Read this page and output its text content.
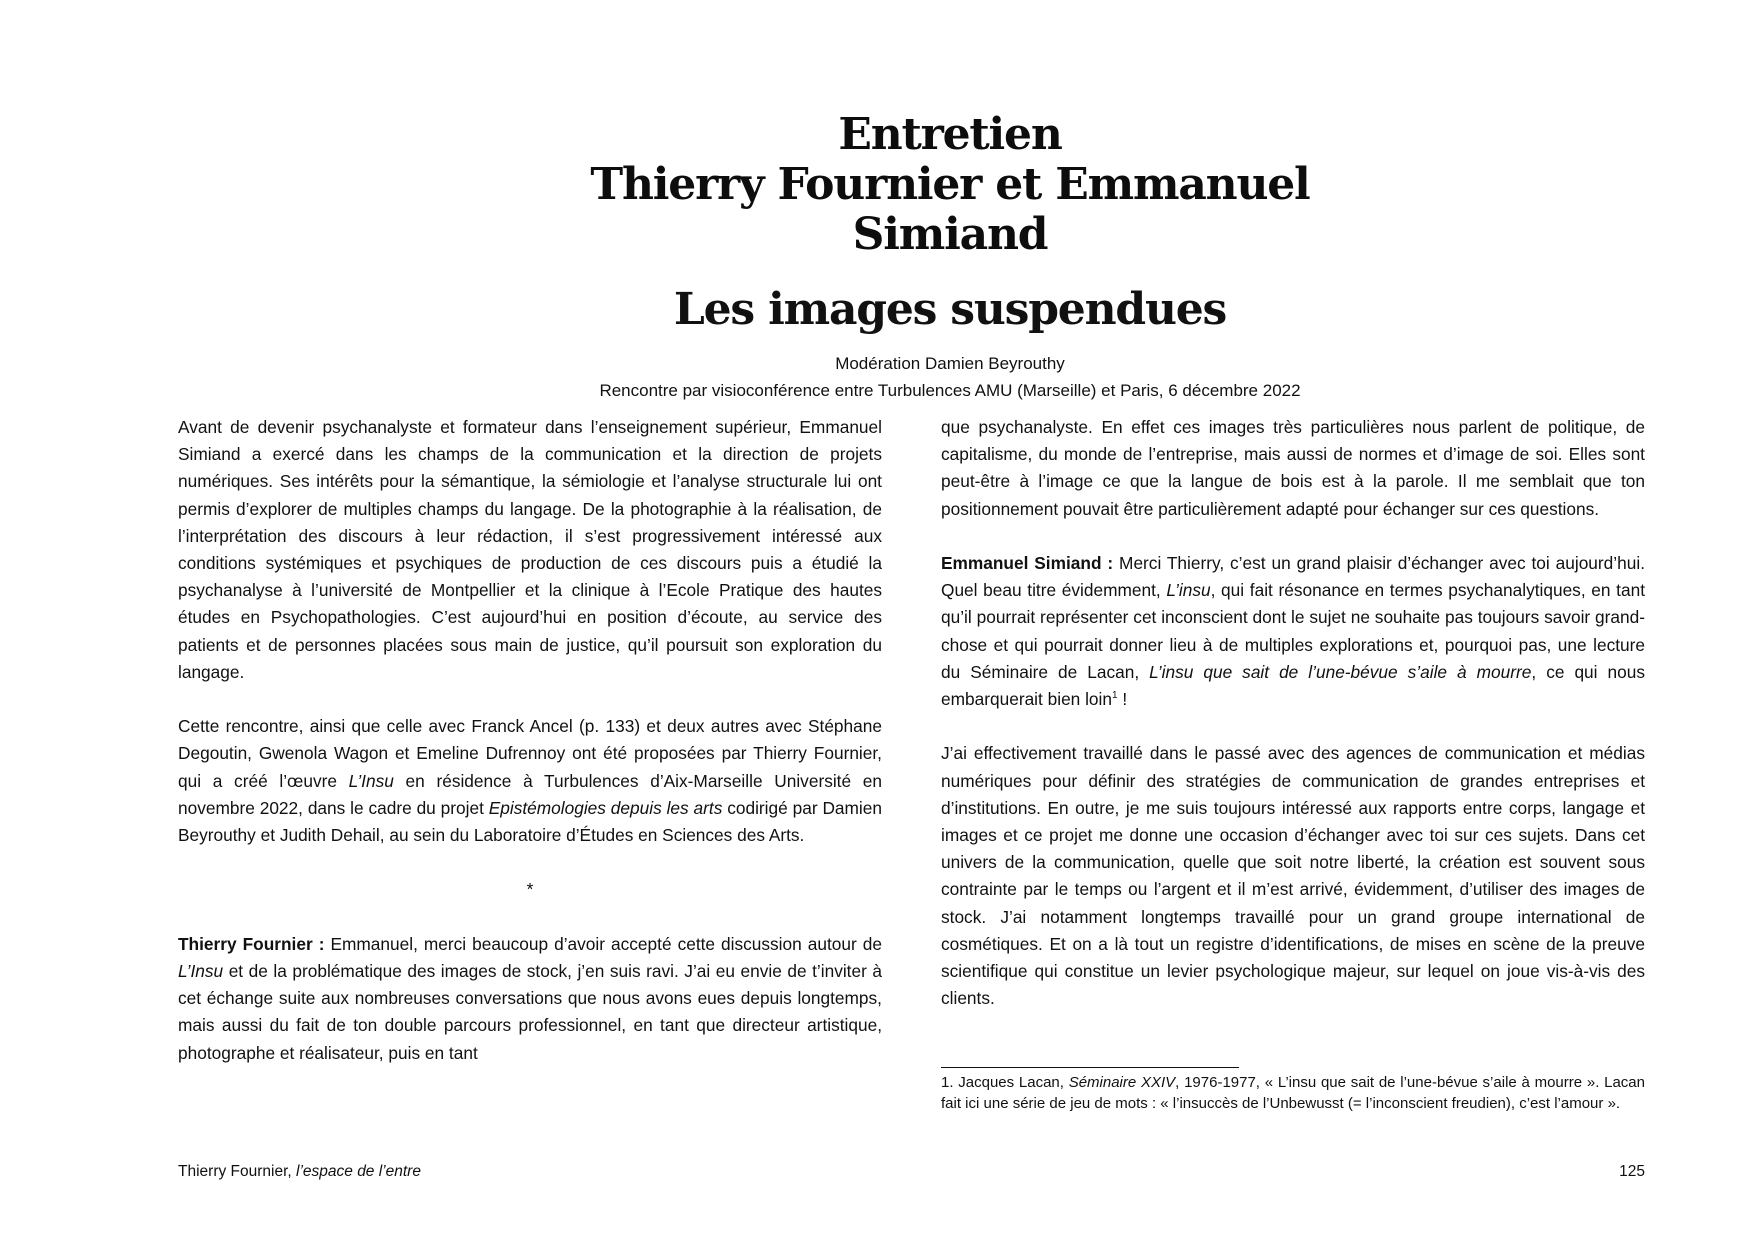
Entretien
Thierry Fournier et Emmanuel Simiand
Les images suspendues
Modération Damien Beyrouthy
Rencontre par visioconférence entre Turbulences AMU (Marseille) et Paris, 6 décembre 2022

Avant de devenir psychanalyste et formateur dans l’enseignement supérieur, Emmanuel Simiand a exercé dans les champs de la communication et la direction de projets numériques. Ses intérêts pour la sémantique, la sémiologie et l’analyse structurale lui ont permis d’explorer de multiples champs du langage. De la photographie à la réalisation, de l’interprétation des discours à leur rédaction, il s’est progressivement intéressé aux conditions systémiques et psychiques de production de ces discours puis a étudié la psychanalyse à l’université de Montpellier et la clinique à l’Ecole Pratique des hautes études en Psychopathologies. C’est aujourd’hui en position d’écoute, au service des patients et de personnes placées sous main de justice, qu’il poursuit son exploration du langage.

Cette rencontre, ainsi que celle avec Franck Ancel (p. 133) et deux autres avec Stéphane Degoutin, Gwenola Wagon et Emeline Dufrennoy ont été proposées par Thierry Fournier, qui a créé l’œuvre L’Insu en résidence à Turbulences d’Aix-Marseille Université en novembre 2022, dans le cadre du projet Epistémologies depuis les arts codirigé par Damien Beyrouthy et Judith Dehail, au sein du Laboratoire d’Études en Sciences des Arts.

*

Thierry Fournier : Emmanuel, merci beaucoup d’avoir accepté cette discussion autour de L’Insu et de la problématique des images de stock, j’en suis ravi. J’ai eu envie de t’inviter à cet échange suite aux nombreuses conversations que nous avons eues depuis longtemps, mais aussi du fait de ton double parcours professionnel, en tant que directeur artistique, photographe et réalisateur, puis en tant

que psychanalyste. En effet ces images très particulières nous parlent de politique, de capitalisme, du monde de l’entreprise, mais aussi de normes et d’image de soi. Elles sont peut-être à l’image ce que la langue de bois est à la parole. Il me semblait que ton positionnement pouvait être particulièrement adapté pour échanger sur ces questions.

Emmanuel Simiand : Merci Thierry, c’est un grand plaisir d’échanger avec toi aujourd’hui. Quel beau titre évidemment, L’insu, qui fait résonance en termes psychanalytiques, en tant qu’il pourrait représenter cet inconscient dont le sujet ne souhaite pas toujours savoir grand-chose et qui pourrait donner lieu à de multiples explorations et, pourquoi pas, une lecture du Séminaire de Lacan, L’insu que sait de l’une-bévue s’aile à mourre, ce qui nous embarquerait bien loin$^1$ !

J’ai effectivement travaillé dans le passé avec des agences de communication et médias numériques pour définir des stratégies de communication de grandes entreprises et d’institutions. En outre, je me suis toujours intéressé aux rapports entre corps, langage et images et ce projet me donne une occasion d’échanger avec toi sur ces sujets. Dans cet univers de la communication, quelle que soit notre liberté, la création est souvent sous contrainte par le temps ou l’argent et il m’est arrivé, évidemment, d’utiliser des images de stock. J’ai notamment longtemps travaillé pour un grand groupe international de cosmétiques. Et on a là tout un registre d’identifications, de mises en scène de la preuve scientifique qui constitue un levier psychologique majeur, sur lequel on joue vis-à-vis des clients.

1. Jacques Lacan, Séminaire XXIV, 1976-1977, « L’insu que sait de l’une-bévue s’aile à mourre ». Lacan fait ici une série de jeu de mots : « l’insuccès de l’Unbewusst (= l’inconscient freudien), c’est l’amour ».
Thierry Fournier, l’espace de l’entre	125
